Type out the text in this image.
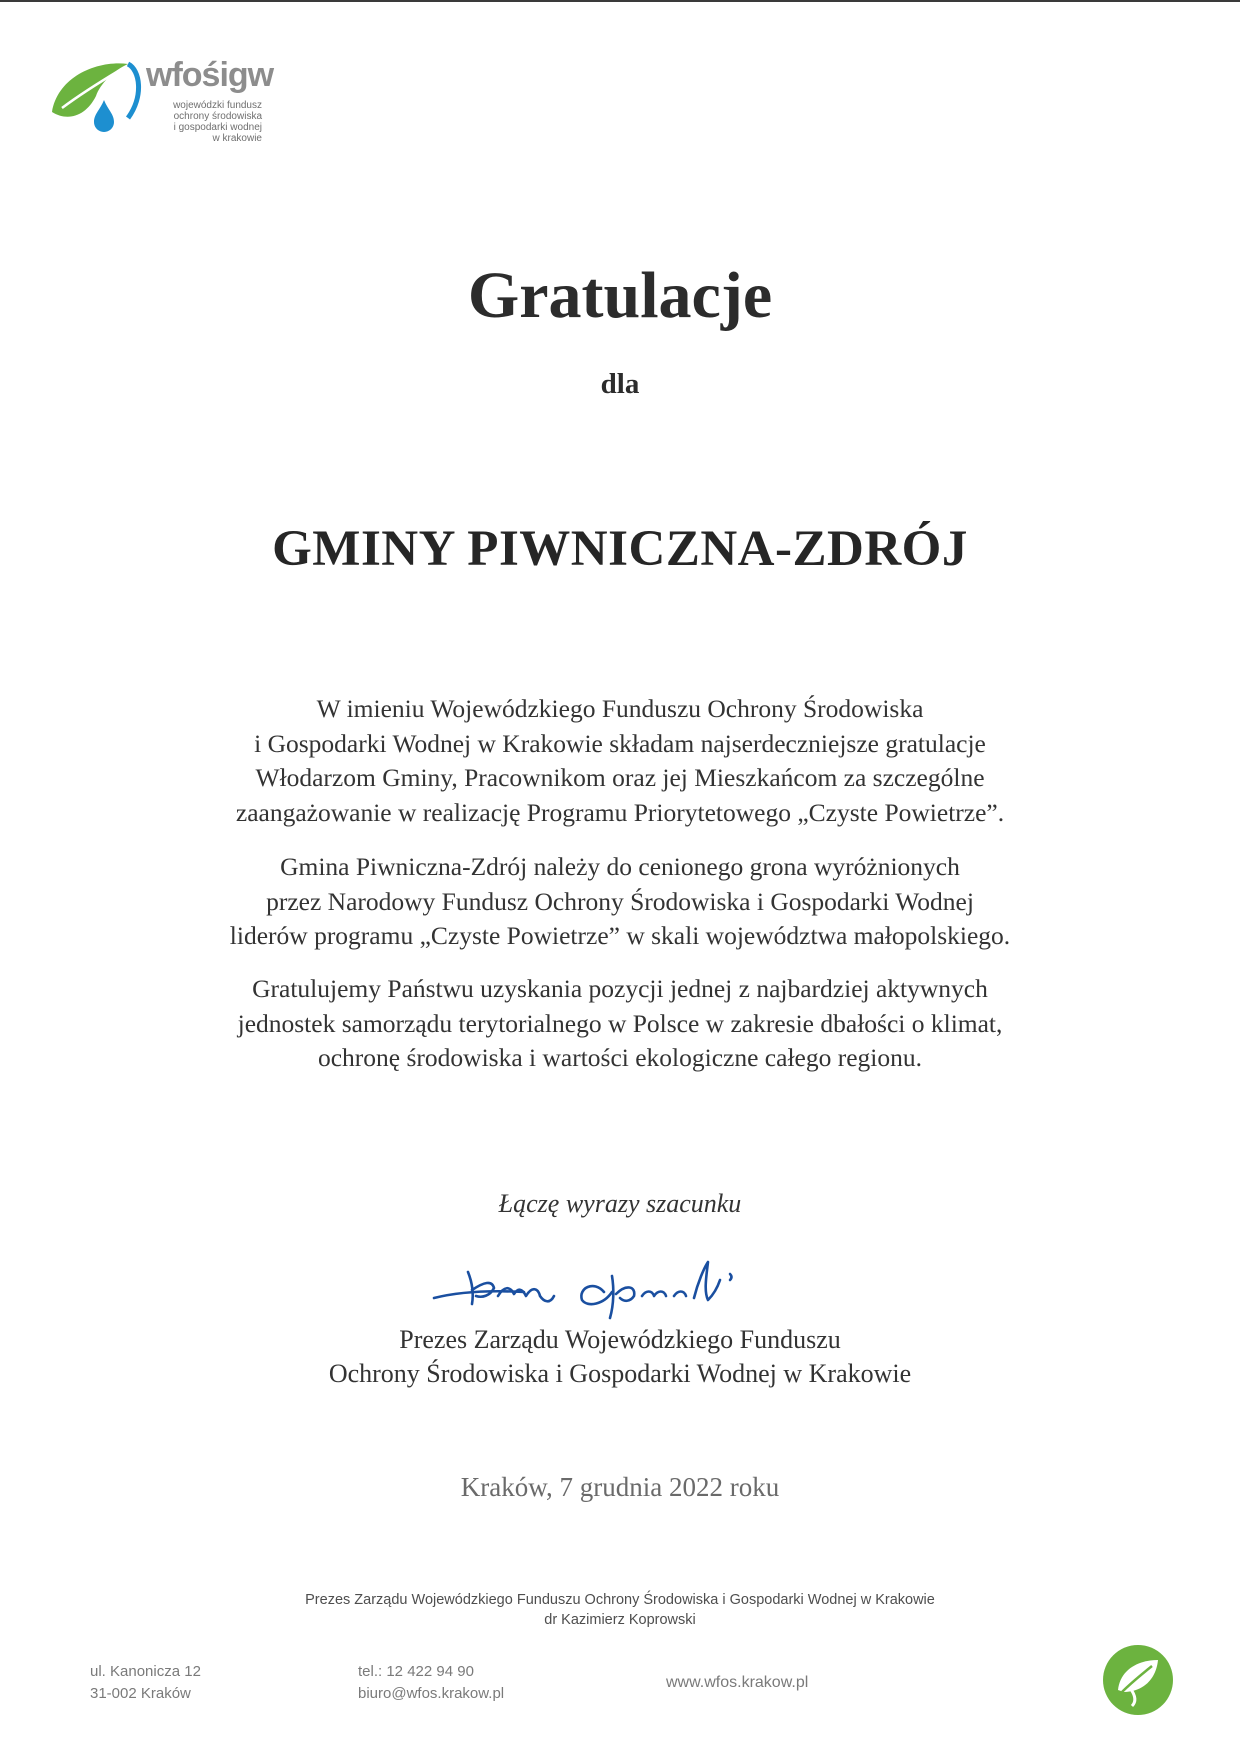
wfośigw
wojewódzki fundusz
ochrony środowiska
i gospodarki wodnej
w krakowie
Gratulacje
dla
GMINY PIWNICZNA-ZDRÓJ
W imieniu Wojewódzkiego Funduszu Ochrony Środowiska
i Gospodarki Wodnej w Krakowie składam najserdeczniejsze gratulacje
Włodarzom Gminy, Pracownikom oraz jej Mieszkańcom za szczególne
zaangażowanie w realizację Programu Priorytetowego „Czyste Powietrze”.
Gmina Piwniczna-Zdrój należy do cenionego grona wyróżnionych
przez Narodowy Fundusz Ochrony Środowiska i Gospodarki Wodnej
liderów programu „Czyste Powietrze” w skali województwa małopolskiego.
Gratulujemy Państwu uzyskania pozycji jednej z najbardziej aktywnych
jednostek samorządu terytorialnego w Polsce w zakresie dbałości o klimat,
ochronę środowiska i wartości ekologiczne całego regionu.
Łączę wyrazy szacunku
Prezes Zarządu Wojewódzkiego Funduszu
Ochrony Środowiska i Gospodarki Wodnej w Krakowie
Kraków, 7 grudnia 2022 roku
Prezes Zarządu Wojewódzkiego Funduszu Ochrony Środowiska i Gospodarki Wodnej w Krakowie
dr Kazimierz Koprowski
ul. Kanonicza 12
31-002 Kraków
tel.: 12 422 94 90
biuro@wfos.krakow.pl
www.wfos.krakow.pl
